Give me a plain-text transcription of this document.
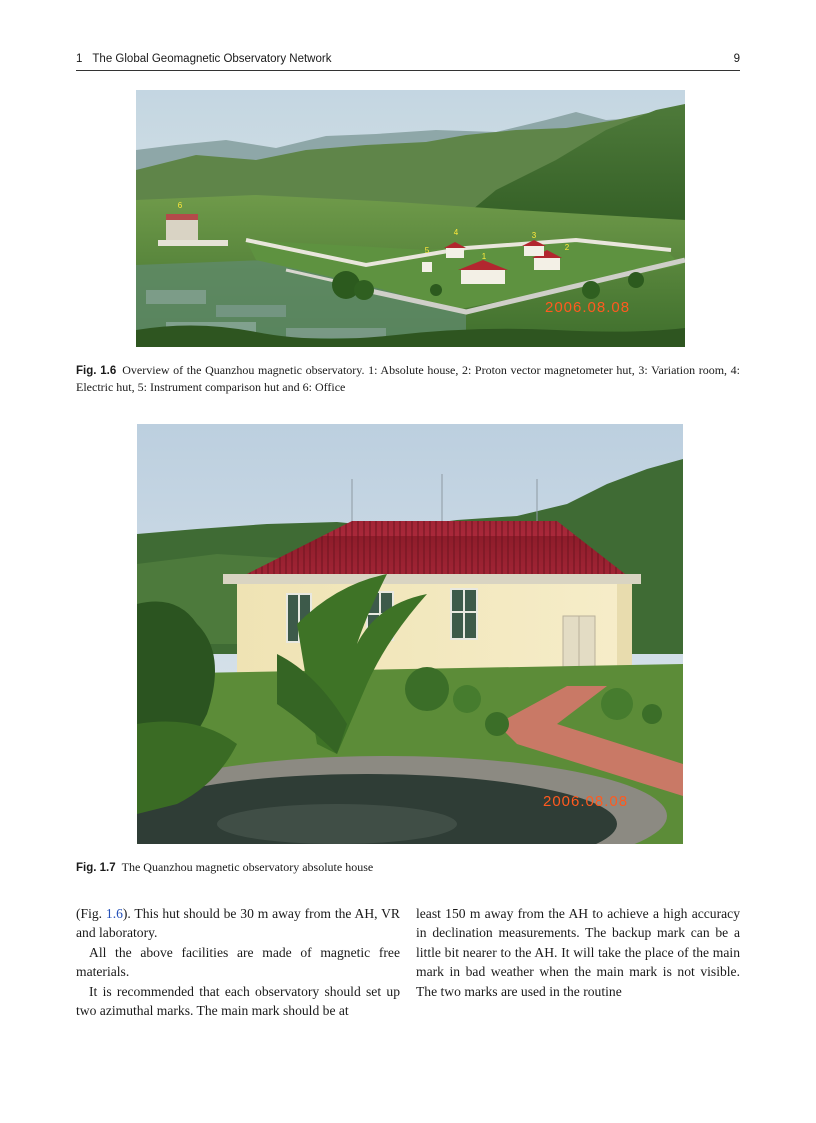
1 The Global Geomagnetic Observatory Network	9
6
4	3
2
5
1
2006.08.08
Fig. 1.6 Overview of the Quanzhou magnetic observatory. 1: Absolute house, 2: Proton vector magnetometer hut, 3: Variation room, 4: Electric hut, 5: Instrument comparison hut and 6: Office
2006.08.08
Fig. 1.7 The Quanzhou magnetic observatory absolute house

(Fig. 1.6). This hut should be 30 m away from the AH, VR and laboratory.

All the above facilities are made of magnetic free materials.

It is recommended that each observatory should set up two azimuthal marks. The main mark should be at

least 150 m away from the AH to achieve a high accuracy in declination measurements. The backup mark can be a little bit nearer to the AH. It will take the place of the main mark in bad weather when the main mark is not visible. The two marks are used in the routine
